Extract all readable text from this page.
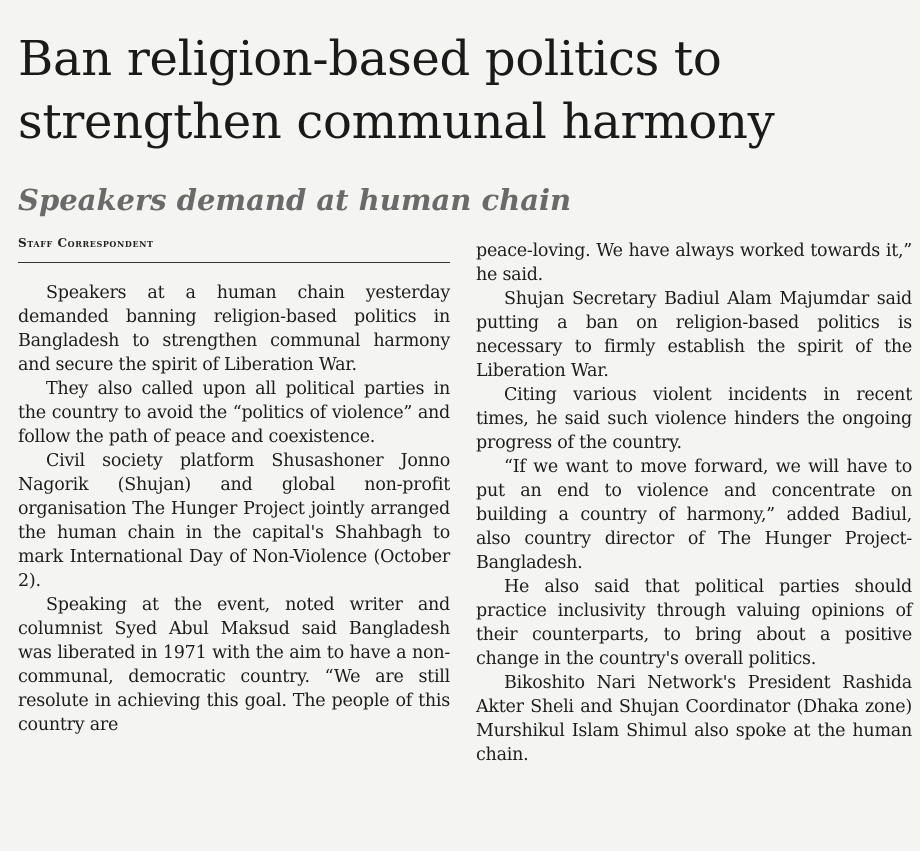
Ban religion-based politics to strengthen communal harmony
Speakers demand at human chain
Staff Correspondent

Speakers at a human chain yesterday demanded banning religion-based politics in Bangladesh to strengthen communal harmony and secure the spirit of Liberation War.

They also called upon all political parties in the country to avoid the “politics of violence” and follow the path of peace and coexistence.

Civil society platform Shusashoner Jonno Nagorik (Shujan) and global non-profit organisation The Hunger Project jointly arranged the human chain in the capital's Shahbagh to mark International Day of Non-Violence (October 2).

Speaking at the event, noted writer and columnist Syed Abul Maksud said Bangladesh was liberated in 1971 with the aim to have a non-communal, democratic country. “We are still resolute in achieving this goal. The people of this country are

peace-loving. We have always worked towards it,” he said.

Shujan Secretary Badiul Alam Majumdar said putting a ban on religion-based politics is necessary to firmly establish the spirit of the Liberation War.

Citing various violent incidents in recent times, he said such violence hinders the ongoing progress of the country.

“If we want to move forward, we will have to put an end to violence and concentrate on building a country of harmony,” added Badiul, also country director of The Hunger Project-Bangladesh.

He also said that political parties should practice inclusivity through valuing opinions of their counterparts, to bring about a positive change in the country's overall politics.

Bikoshito Nari Network's President Rashida Akter Sheli and Shujan Coordinator (Dhaka zone) Murshikul Islam Shimul also spoke at the human chain.
